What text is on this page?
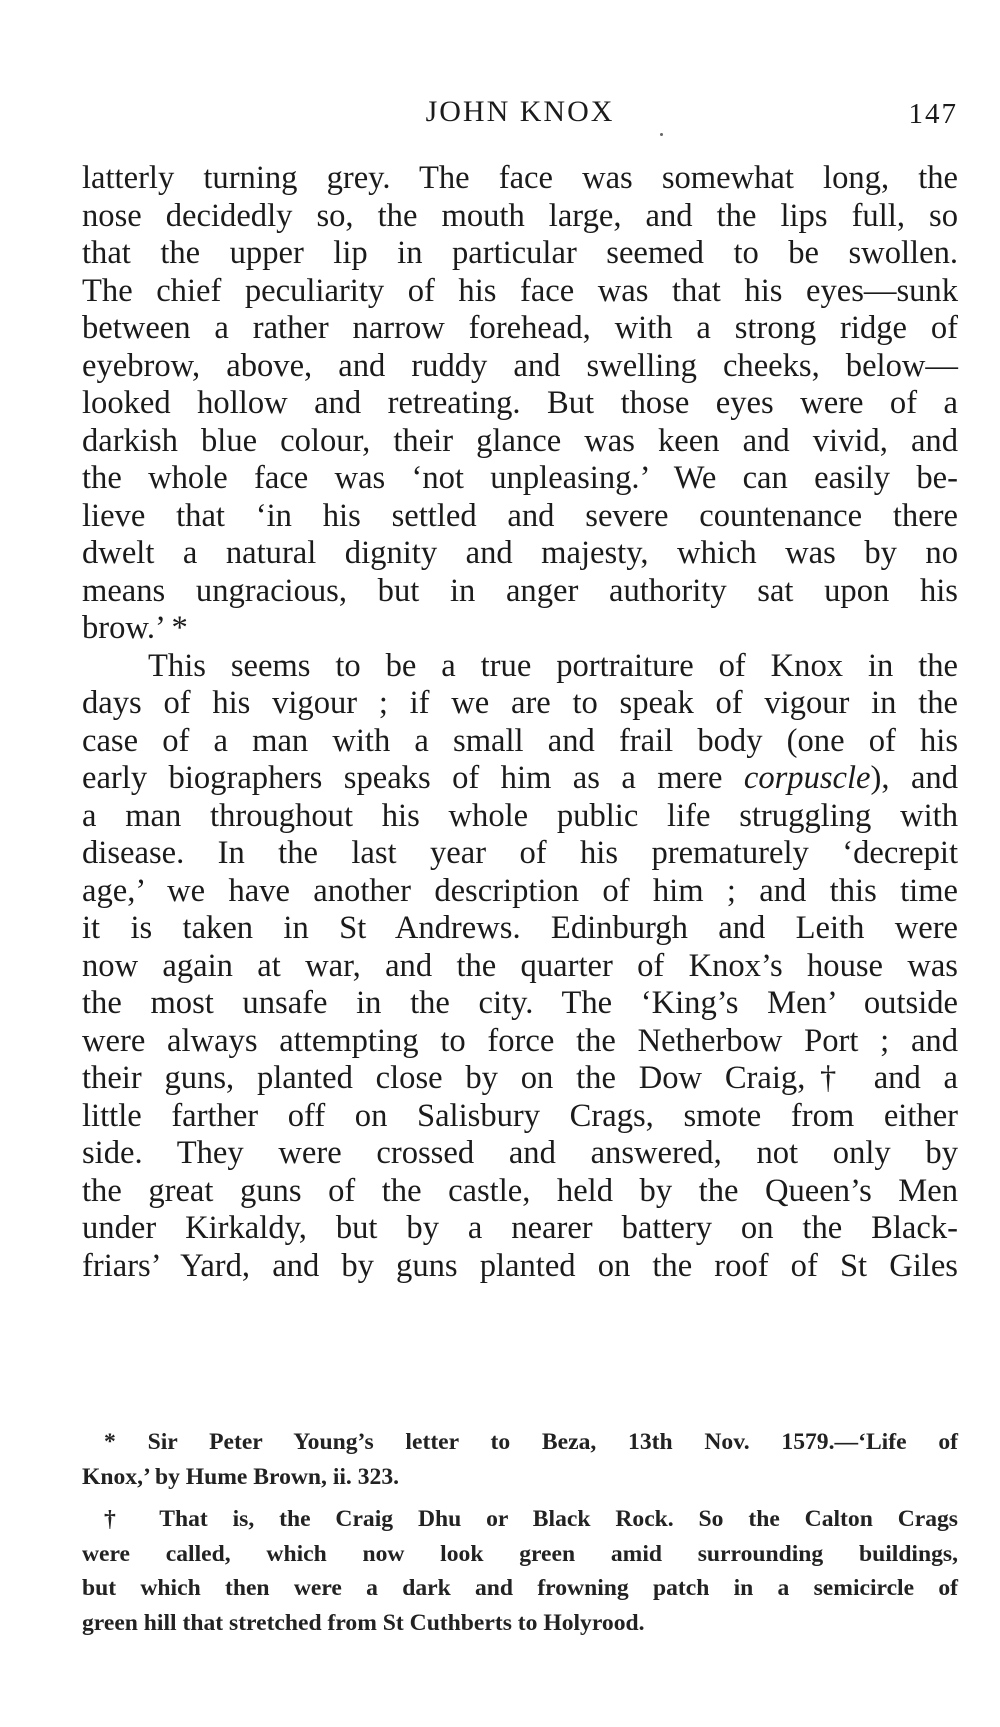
JOHN KNOX	147
latterly turning grey. The face was somewhat long, the
nose decidedly so, the mouth large, and the lips full, so
that the upper lip in particular seemed to be swollen.
The chief peculiarity of his face was that his eyes—sunk
between a rather narrow forehead, with a strong ridge of
eyebrow, above, and ruddy and swelling cheeks, below—
looked hollow and retreating. But those eyes were of a
darkish blue colour, their glance was keen and vivid, and
the whole face was ‘not unpleasing.’ We can easily be-
lieve that ‘in his settled and severe countenance there
dwelt a natural dignity and majesty, which was by no
means ungracious, but in anger authority sat upon his
brow.’ *
This seems to be a true portraiture of Knox in the
days of his vigour ; if we are to speak of vigour in the
case of a man with a small and frail body (one of his
early biographers speaks of him as a mere corpuscle), and
a man throughout his whole public life struggling with
disease. In the last year of his prematurely ‘decrepit
age,’ we have another description of him ; and this time
it is taken in St Andrews. Edinburgh and Leith were
now again at war, and the quarter of Knox’s house was
the most unsafe in the city. The ‘King’s Men’ outside
were always attempting to force the Netherbow Port ; and
their guns, planted close by on the Dow Craig,† and a
little farther off on Salisbury Crags, smote from either
side. They were crossed and answered, not only by
the great guns of the castle, held by the Queen’s Men
under Kirkaldy, but by a nearer battery on the Black-
friars’ Yard, and by guns planted on the roof of St Giles
* Sir Peter Young’s letter to Beza, 13th Nov. 1579.—‘Life of
Knox,’ by Hume Brown, ii. 323.
† That is, the Craig Dhu or Black Rock. So the Calton Crags
were called, which now look green amid surrounding buildings,
but which then were a dark and frowning patch in a semicircle of
green hill that stretched from St Cuthberts to Holyrood.
